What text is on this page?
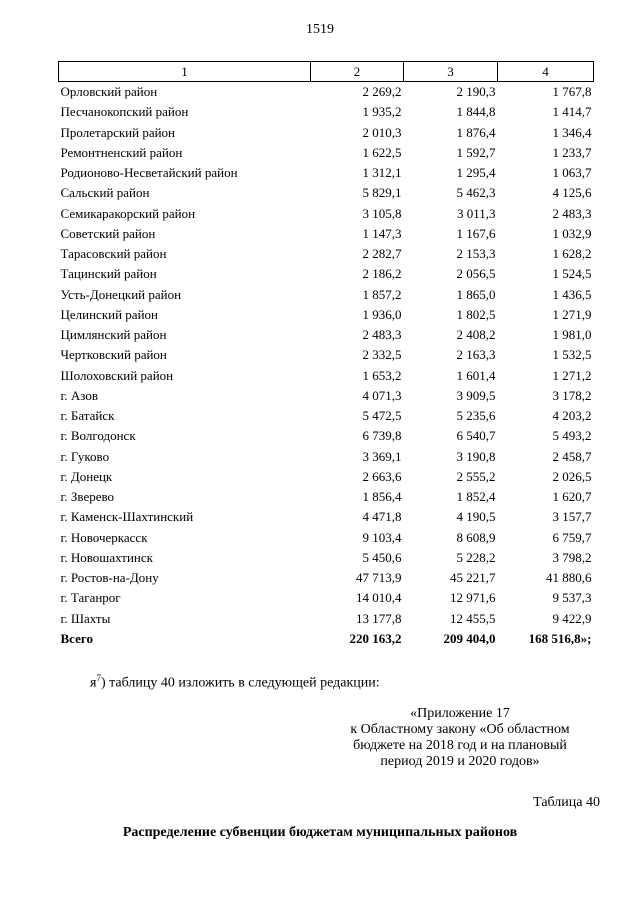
1519
1	2	3	4
Орловский район	2 269,2	2 190,3	1 767,8
Песчанокопский район	1 935,2	1 844,8	1 414,7
Пролетарский район	2 010,3	1 876,4	1 346,4
Ремонтненский район	1 622,5	1 592,7	1 233,7
Родионово-Несветайский район	1 312,1	1 295,4	1 063,7
Сальский район	5 829,1	5 462,3	4 125,6
Семикаракорский район	3 105,8	3 011,3	2 483,3
Советский район	1 147,3	1 167,6	1 032,9
Тарасовский район	2 282,7	2 153,3	1 628,2
Тацинский район	2 186,2	2 056,5	1 524,5
Усть-Донецкий район	1 857,2	1 865,0	1 436,5
Целинский район	1 936,0	1 802,5	1 271,9
Цимлянский район	2 483,3	2 408,2	1 981,0
Чертковский район	2 332,5	2 163,3	1 532,5
Шолоховский район	1 653,2	1 601,4	1 271,2
г. Азов	4 071,3	3 909,5	3 178,2
г. Батайск	5 472,5	5 235,6	4 203,2
г. Волгодонск	6 739,8	6 540,7	5 493,2
г. Гуково	3 369,1	3 190,8	2 458,7
г. Донецк	2 663,6	2 555,2	2 026,5
г. Зверево	1 856,4	1 852,4	1 620,7
г. Каменск-Шахтинский	4 471,8	4 190,5	3 157,7
г. Новочеркасск	9 103,4	8 608,9	6 759,7
г. Новошахтинск	5 450,6	5 228,2	3 798,2
г. Ростов-на-Дону	47 713,9	45 221,7	41 880,6
г. Таганрог	14 010,4	12 971,6	9 537,3
г. Шахты	13 177,8	12 455,5	9 422,9
Всего	220 163,2	209 404,0	168 516,8»;
$я^7$) таблицу 40 изложить в следующей редакции:
«Приложение 17
к Областному закону «Об областном
бюджете на 2018 год и на плановый
период 2019 и 2020 годов»
Таблица 40
Распределение субвенции бюджетам муниципальных районов
